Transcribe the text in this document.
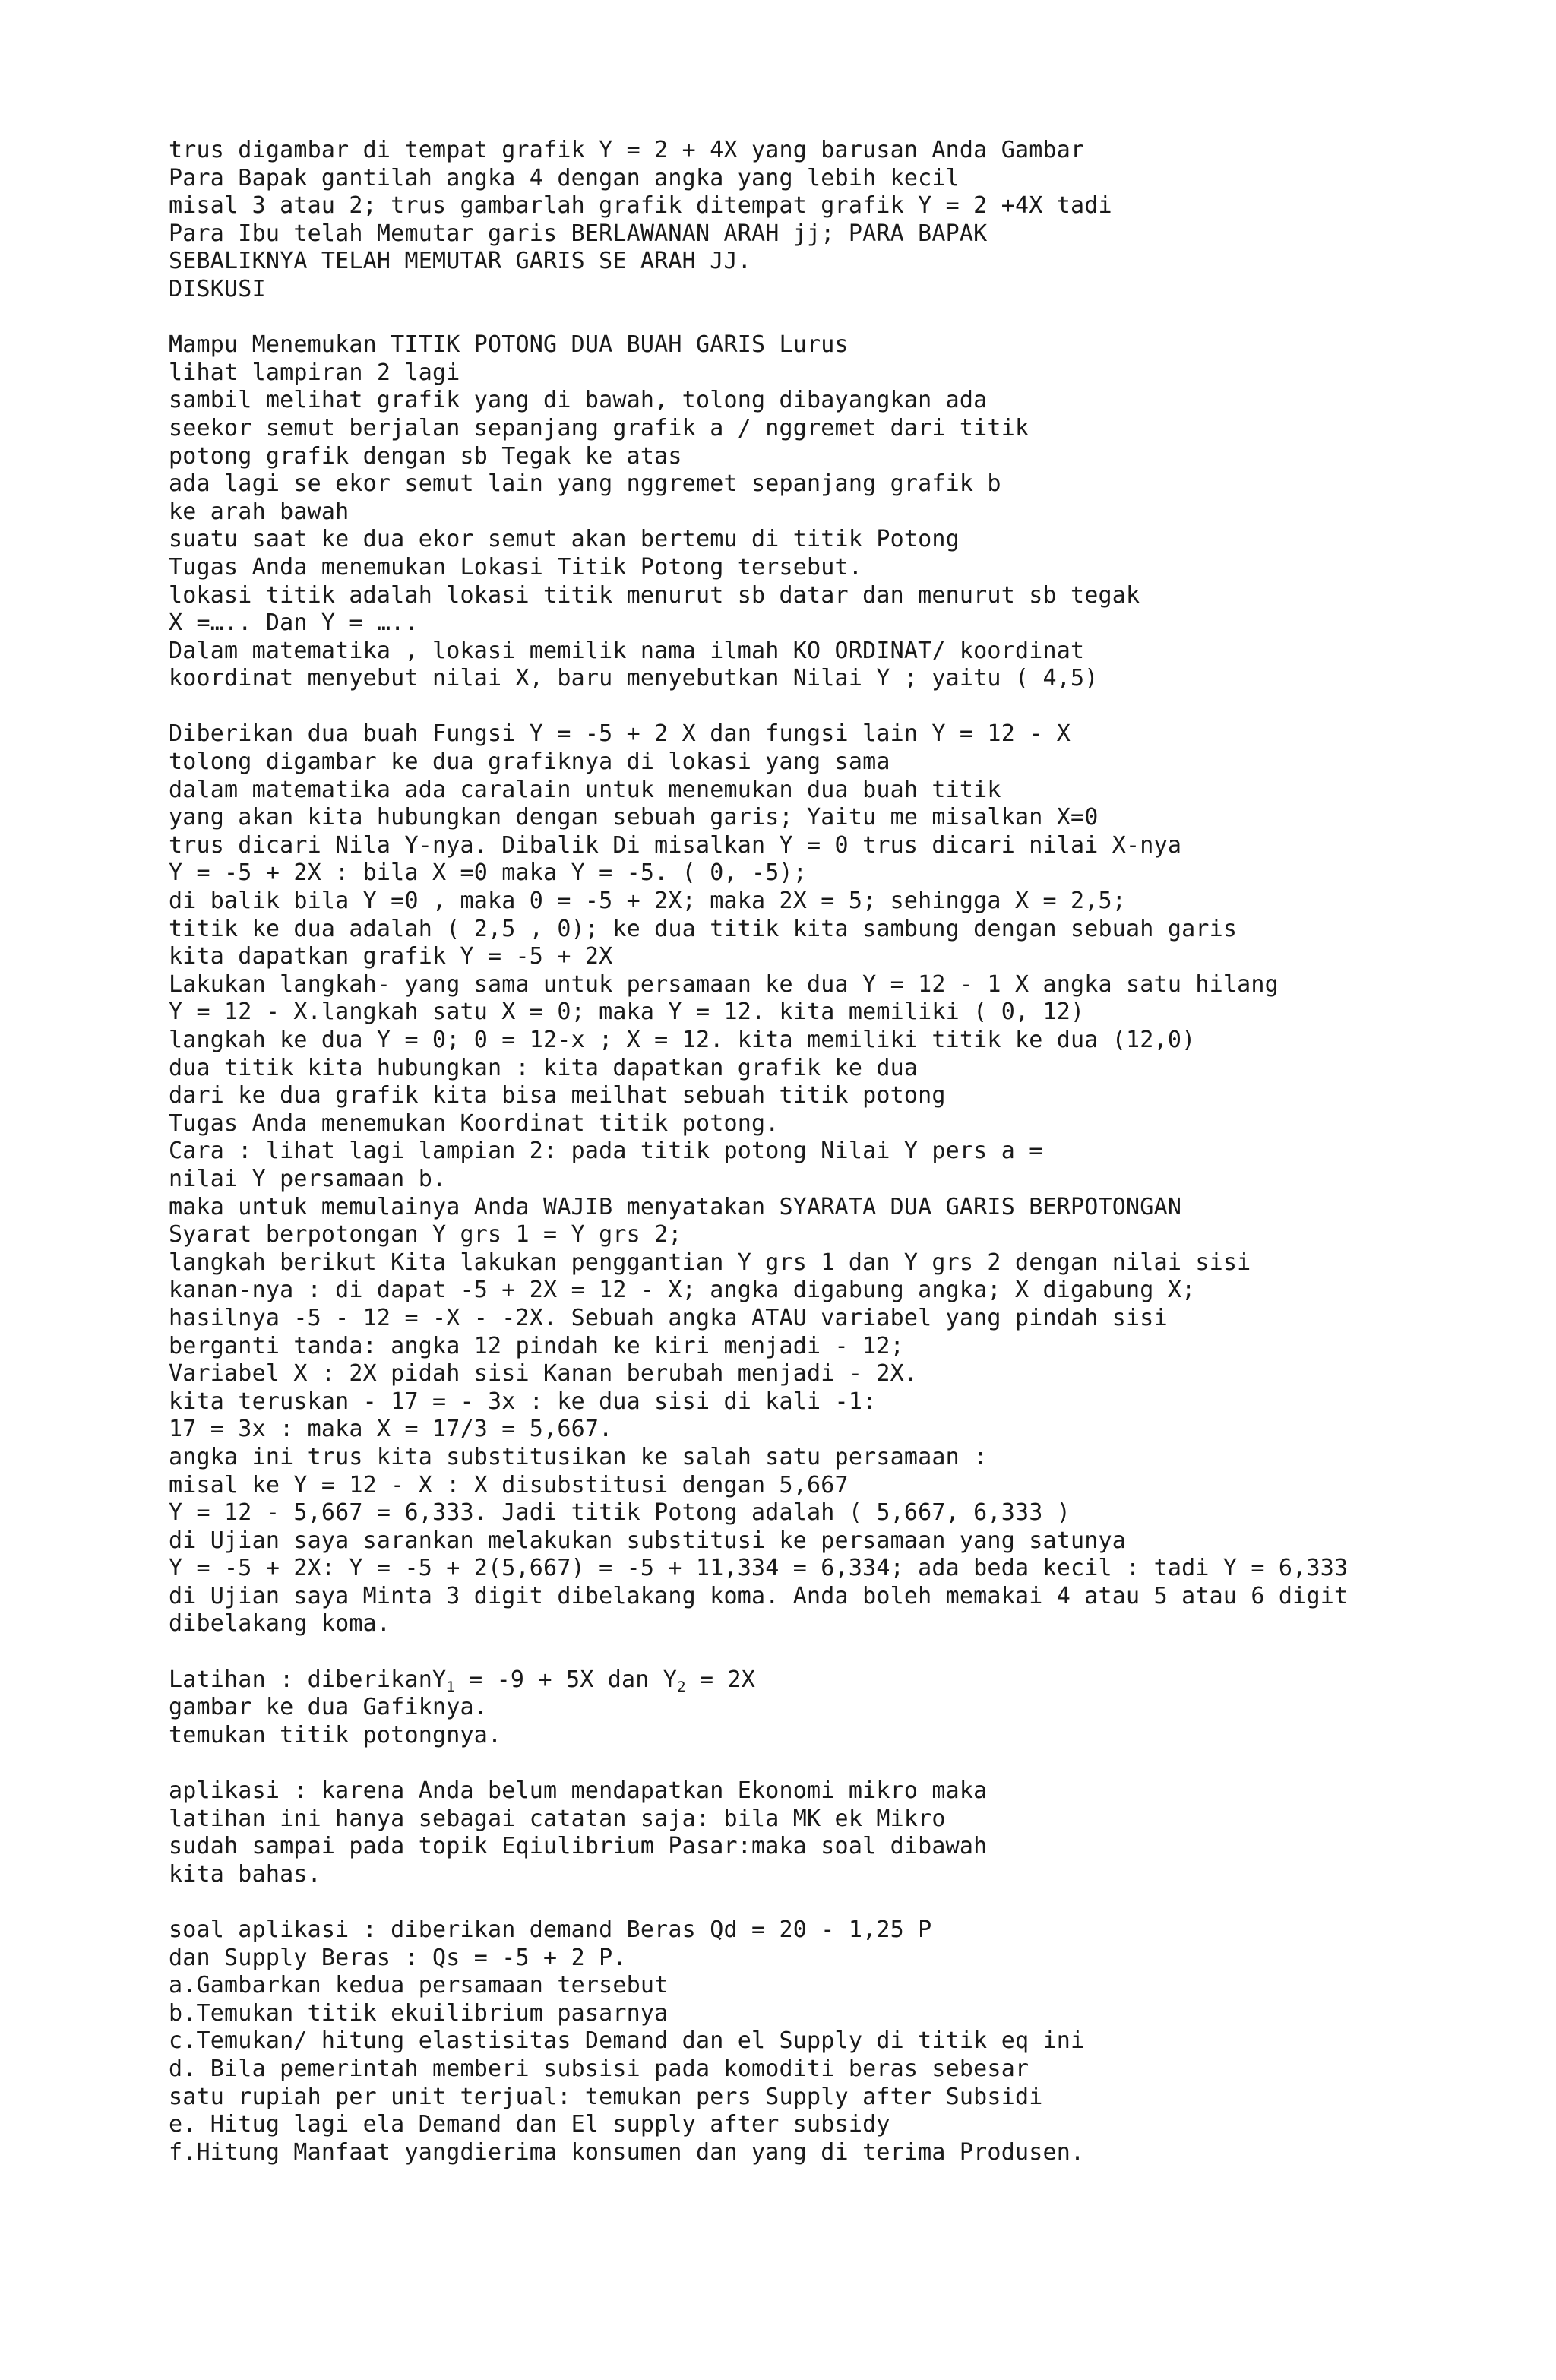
trus digambar di tempat grafik Y = 2 + 4X yang barusan Anda Gambar
Para Bapak gantilah angka 4 dengan angka yang lebih kecil
misal 3 atau 2; trus gambarlah grafik ditempat grafik Y = 2 +4X tadi
Para Ibu telah Memutar garis BERLAWANAN ARAH jj; PARA BAPAK
SEBALIKNYA TELAH MEMUTAR GARIS SE ARAH JJ.
DISKUSI
Mampu Menemukan TITIK POTONG DUA BUAH GARIS Lurus
lihat lampiran 2 lagi
sambil melihat grafik yang di bawah, tolong dibayangkan ada
seekor semut berjalan sepanjang grafik a / nggremet dari titik
potong grafik dengan sb Tegak ke atas
ada lagi se ekor semut lain yang nggremet sepanjang grafik b
ke arah bawah
suatu saat ke dua ekor semut akan bertemu di titik Potong
Tugas Anda menemukan Lokasi Titik Potong tersebut.
lokasi titik adalah lokasi titik menurut sb datar dan menurut sb tegak
X =….. Dan Y = …..
Dalam matematika , lokasi memilik nama ilmah KO ORDINAT/ koordinat
koordinat menyebut nilai X, baru menyebutkan Nilai Y ; yaitu ( 4,5)
Diberikan dua buah Fungsi Y = -5 + 2 X dan fungsi lain Y = 12 - X
tolong digambar ke dua grafiknya di lokasi yang sama
dalam matematika ada caralain untuk menemukan dua buah titik
yang akan kita hubungkan dengan sebuah garis; Yaitu me misalkan X=0
trus dicari Nila Y-nya. Dibalik Di misalkan Y = 0 trus dicari nilai X-nya
Y = -5 + 2X : bila X =0 maka Y = -5. ( 0, -5);
di balik bila Y =0 , maka 0 = -5 + 2X; maka 2X = 5; sehingga X = 2,5;
titik ke dua adalah ( 2,5 , 0); ke dua titik kita sambung dengan sebuah garis
kita dapatkan grafik Y = -5 + 2X
Lakukan langkah- yang sama untuk persamaan ke dua Y = 12 - 1 X angka satu hilang
Y = 12 - X.langkah satu X = 0; maka Y = 12. kita memiliki ( 0, 12)
langkah ke dua Y = 0; 0 = 12-x ; X = 12. kita memiliki titik ke dua (12,0)
dua titik kita hubungkan : kita dapatkan grafik ke dua
dari ke dua grafik kita bisa meilhat sebuah titik potong
Tugas Anda menemukan Koordinat titik potong.
Cara : lihat lagi lampian 2: pada titik potong Nilai Y pers a =
nilai Y persamaan b.
maka untuk memulainya Anda WAJIB menyatakan SYARATA DUA GARIS BERPOTONGAN
Syarat berpotongan Y grs 1 = Y grs 2;
langkah berikut Kita lakukan penggantian Y grs 1 dan Y grs 2 dengan nilai sisi
kanan-nya : di dapat -5 + 2X = 12 - X; angka digabung angka; X digabung X;
hasilnya -5 - 12 = -X - -2X. Sebuah angka ATAU variabel yang pindah sisi
berganti tanda: angka 12 pindah ke kiri menjadi - 12;
Variabel X : 2X pidah sisi Kanan berubah menjadi - 2X.
kita teruskan - 17 = - 3x : ke dua sisi di kali -1:
17 = 3x : maka X = 17/3 = 5,667.
angka ini trus kita substitusikan ke salah satu persamaan :
misal ke Y = 12 - X : X disubstitusi dengan 5,667
Y = 12 - 5,667 = 6,333. Jadi titik Potong adalah ( 5,667, 6,333 )
di Ujian saya sarankan melakukan substitusi ke persamaan yang satunya
Y = -5 + 2X: Y = -5 + 2(5,667) = -5 + 11,334 = 6,334; ada beda kecil : tadi Y = 6,333
di Ujian saya Minta 3 digit dibelakang koma. Anda boleh memakai 4 atau 5 atau 6 digit
dibelakang koma.
Latihan : diberikanY$_1$ = -9 + 5X dan $Y_2 = 2X$
gambar ke dua Gafiknya.
temukan titik potongnya.
aplikasi : karena Anda belum mendapatkan Ekonomi mikro maka
latihan ini hanya sebagai catatan saja: bila MK ek Mikro
sudah sampai pada topik Eqiulibrium Pasar:maka soal dibawah
kita bahas.
soal aplikasi : diberikan demand Beras Qd = 20 - 1,25 P
dan Supply Beras : Qs = -5 + 2 P.
a.Gambarkan kedua persamaan tersebut
b.Temukan titik ekuilibrium pasarnya
c.Temukan/ hitung elastisitas Demand dan el Supply di titik eq ini
d. Bila pemerintah memberi subsisi pada komoditi beras sebesar
satu rupiah per unit terjual: temukan pers Supply after Subsidi
e. Hitug lagi ela Demand dan El supply after subsidy
f.Hitung Manfaat yangdierima konsumen dan yang di terima Produsen.
